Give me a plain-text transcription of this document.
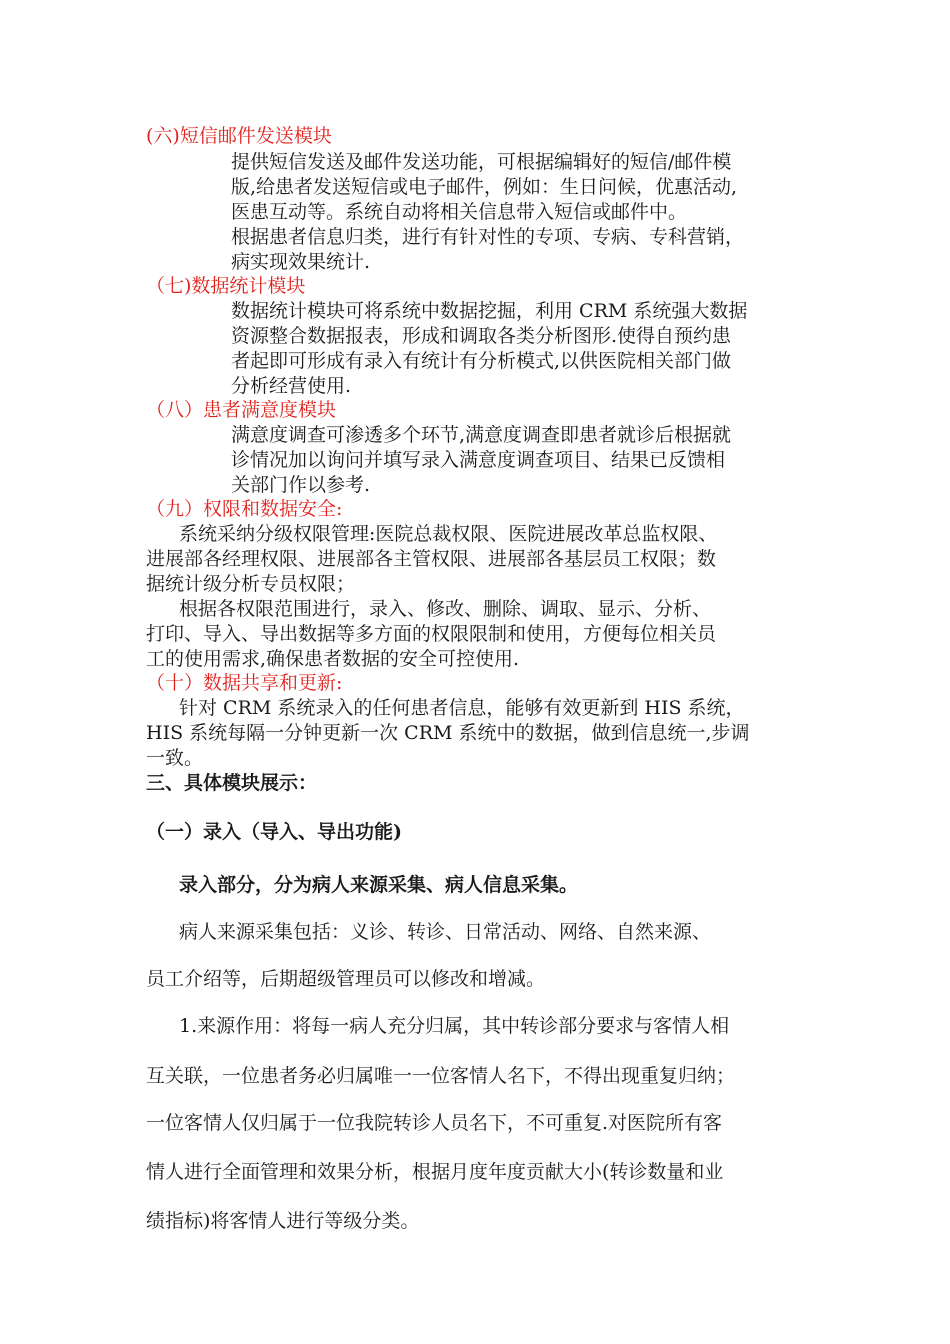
(六)短信邮件发送模块
提供短信发送及邮件发送功能，可根据编辑好的短信/邮件模
版,给患者发送短信或电子邮件，例如：生日问候，优惠活动,
医患互动等。系统自动将相关信息带入短信或邮件中。
根据患者信息归类，进行有针对性的专项、专病、专科营销，
病实现效果统计.
（七)数据统计模块
数据统计模块可将系统中数据挖掘，利用 CRM 系统强大数据
资源整合数据报表，形成和调取各类分析图形.使得自预约患
者起即可形成有录入有统计有分析模式,以供医院相关部门做
分析经营使用.
（八）患者满意度模块
满意度调查可渗透多个环节,满意度调查即患者就诊后根据就
诊情况加以询问并填写录入满意度调查项目、结果已反馈相
关部门作以参考.
（九）权限和数据安全:
系统采纳分级权限管理:医院总裁权限、医院进展改革总监权限、
进展部各经理权限、进展部各主管权限、进展部各基层员工权限；数
据统计级分析专员权限；
根据各权限范围进行，录入、修改、删除、调取、显示、分析、
打印、导入、导出数据等多方面的权限限制和使用，方便每位相关员
工的使用需求,确保患者数据的安全可控使用.
（十）数据共享和更新:
针对 CRM 系统录入的任何患者信息，能够有效更新到 HIS 系统，
HIS 系统每隔一分钟更新一次 CRM 系统中的数据，做到信息统一,步调
一致。
三、具体模块展示：
（一）录入（导入、导出功能)
录入部分，分为病人来源采集、病人信息采集。
病人来源采集包括：义诊、转诊、日常活动、网络、自然来源、
员工介绍等，后期超级管理员可以修改和增减。
1.来源作用：将每一病人充分归属，其中转诊部分要求与客情人相
互关联，一位患者务必归属唯一一位客情人名下，不得出现重复归纳；
一位客情人仅归属于一位我院转诊人员名下，不可重复.对医院所有客
情人进行全面管理和效果分析，根据月度年度贡献大小(转诊数量和业
绩指标)将客情人进行等级分类。
